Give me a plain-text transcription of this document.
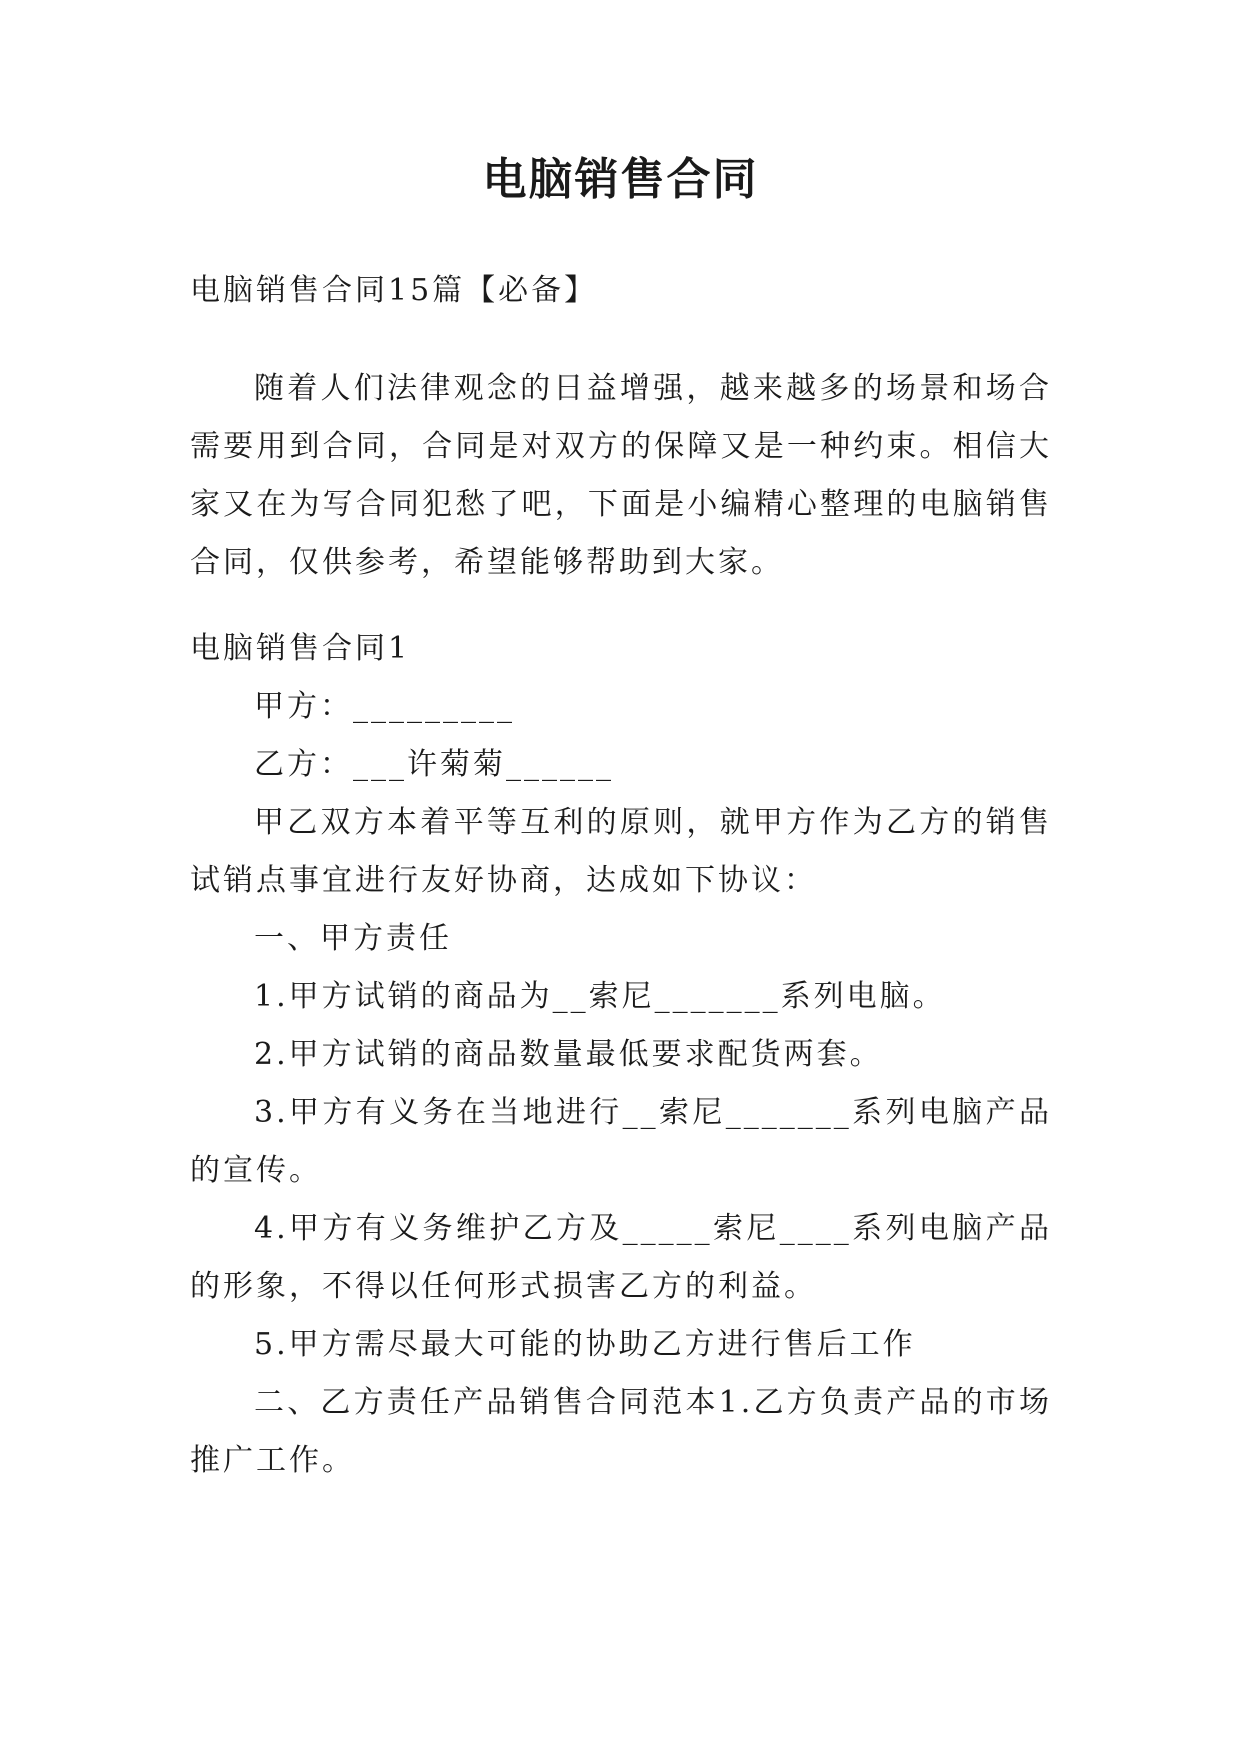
电脑销售合同

电脑销售合同15篇【必备】

随着人们法律观念的日益增强，越来越多的场景和场合需要用到合同，合同是对双方的保障又是一种约束。相信大家又在为写合同犯愁了吧，下面是小编精心整理的电脑销售合同，仅供参考，希望能够帮助到大家。

电脑销售合同1

甲方：_________

乙方：___许菊菊______

甲乙双方本着平等互利的原则，就甲方作为乙方的销售试销点事宜进行友好协商，达成如下协议：

一、甲方责任

1.甲方试销的商品为__索尼_______系列电脑。

2.甲方试销的商品数量最低要求配货两套。

3.甲方有义务在当地进行__索尼_______系列电脑产品的宣传。

4.甲方有义务维护乙方及_____索尼____系列电脑产品的形象，不得以任何形式损害乙方的利益。

5.甲方需尽最大可能的协助乙方进行售后工作

二、乙方责任产品销售合同范本1.乙方负责产品的市场推广工作。
